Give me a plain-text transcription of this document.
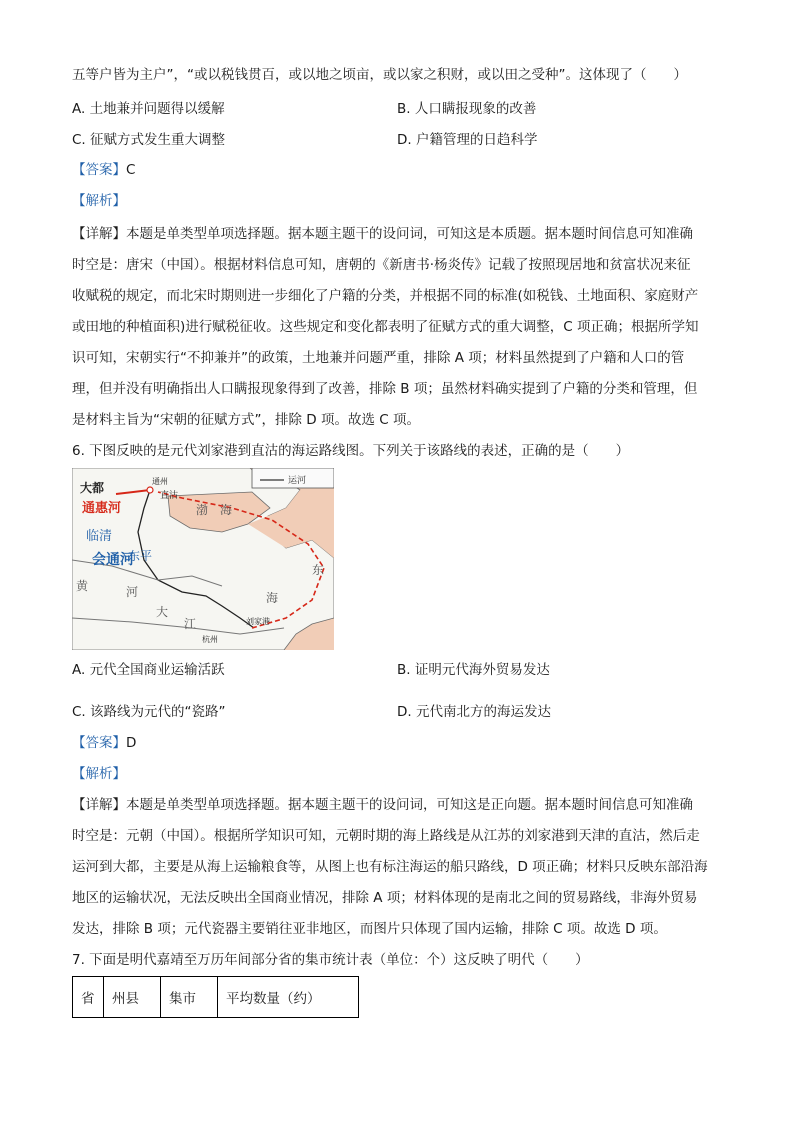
五等户皆为主户”，“或以税钱贯百，或以地之顷亩，或以家之积财，或以田之受种”。这体现了（　　）
A. 土地兼并问题得以缓解	B. 人口瞒报现象的改善
C. 征赋方式发生重大调整	D. 户籍管理的日趋科学
【答案】C
【解析】
【详解】本题是单类型单项选择题。据本题主题干的设问词，可知这是本质题。据本题时间信息可知准确
时空是：唐宋（中国）。根据材料信息可知，唐朝的《新唐书·杨炎传》记载了按照现居地和贫富状况来征
收赋税的规定，而北宋时期则进一步细化了户籍的分类，并根据不同的标准(如税钱、土地面积、家庭财产
或田地的种植面积)进行赋税征收。这些规定和变化都表明了征赋方式的重大调整，C 项正确；根据所学知
识可知，宋朝实行“不抑兼并”的政策，土地兼并问题严重，排除 A 项；材料虽然提到了户籍和人口的管
理，但并没有明确指出人口瞒报现象得到了改善，排除 B 项；虽然材料确实提到了户籍的分类和管理，但
是材料主旨为“宋朝的征赋方式”，排除 D 项。故选 C 项。
6. 下图反映的是元代刘家港到直沽的海运路线图。下列关于该路线的表述，正确的是（　　）
运河
大都	通州
直沽
通惠河	渤　海
临清
会通河
东平
东
黄	河	海
大
江
杭州
刘家港
A. 元代全国商业运输活跃	B. 证明元代海外贸易发达
C. 该路线为元代的“瓷路”	D. 元代南北方的海运发达
【答案】D
【解析】
【详解】本题是单类型单项选择题。据本题主题干的设问词，可知这是正向题。据本题时间信息可知准确
时空是：元朝（中国）。根据所学知识可知，元朝时期的海上路线是从江苏的刘家港到天津的直沽，然后走
运河到大都，主要是从海上运输粮食等，从图上也有标注海运的船只路线，D 项正确；材料只反映东部沿海
地区的运输状况，无法反映出全国商业情况，排除 A 项；材料体现的是南北之间的贸易路线，非海外贸易
发达，排除 B 项；元代瓷器主要销往亚非地区，而图片只体现了国内运输，排除 C 项。故选 D 项。
7. 下面是明代嘉靖至万历年间部分省的集市统计表（单位：个）这反映了明代（　　）
省	州县	集市	平均数量（约）
